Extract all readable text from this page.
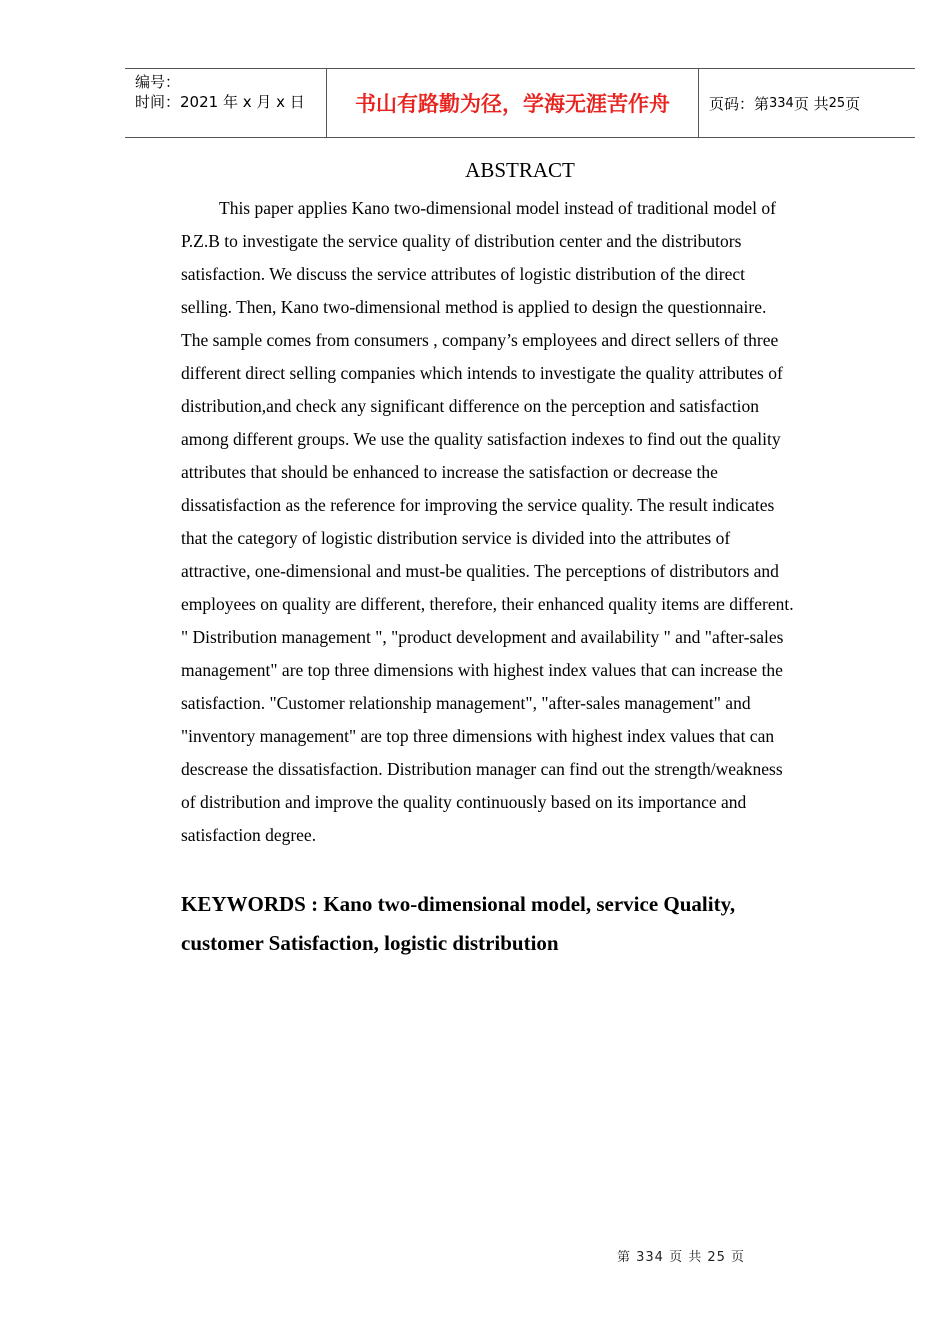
编号：
时间：2021 年 x 月 x 日 书山有路勤为径，学海无涯苦作舟	页码：第 334 页 共 25 页
ABSTRACT
This paper applies Kano two-dimensional model instead of traditional model of
P.Z.B to investigate the service quality of distribution center and the distributors
satisfaction. We discuss the service attributes of logistic distribution of the direct
selling. Then, Kano two-dimensional method is applied to design the questionnaire.
The sample comes from consumers , company’s employees and direct sellers of three
different direct selling companies which intends to investigate the quality attributes of
distribution,and check any significant difference on the perception and satisfaction
among different groups. We use the quality satisfaction indexes to find out the quality
attributes that should be enhanced to increase the satisfaction or decrease the
dissatisfaction as the reference for improving the service quality. The result indicates
that the category of logistic distribution service is divided into the attributes of
attractive, one-dimensional and must-be qualities. The perceptions of distributors and
employees on quality are different, therefore, their enhanced quality items are different.
" Distribution management ", "product development and availability " and "after-sales
management" are top three dimensions with highest index values that can increase the
satisfaction. "Customer relationship management", "after-sales management" and
"inventory management" are top three dimensions with highest index values that can
descrease the dissatisfaction. Distribution manager can find out the strength/weakness
of distribution and improve the quality continuously based on its importance and
satisfaction degree.
KEYWORDS : Kano two-dimensional model, service Quality,
customer Satisfaction, logistic distribution
第 334 页 共 25 页
